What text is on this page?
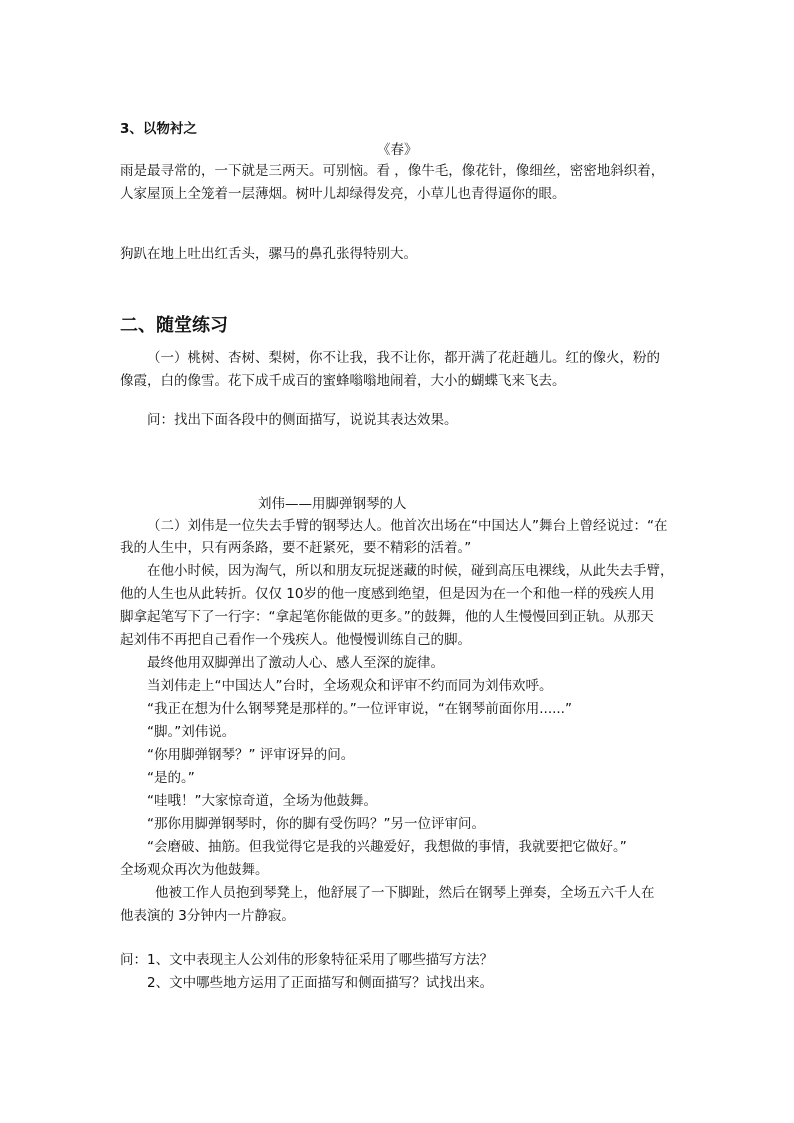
3、以物衬之
《春》
雨是最寻常的，一下就是三两天。可别恼。看 ，像牛毛，像花针，像细丝，密密地斜织着，
人家屋顶上全笼着一层薄烟。树叶儿却绿得发亮，小草儿也青得逼你的眼。
狗趴在地上吐出红舌头，骡马的鼻孔张得特别大。
二、随堂练习
（一）桃树、杏树、梨树，你不让我，我不让你，都开满了花赶趟儿。红的像火，粉的
像霞，白的像雪。花下成千成百的蜜蜂嗡嗡地闹着，大小的蝴蝶飞来飞去。
问：找出下面各段中的侧面描写，说说其表达效果。
刘伟——用脚弹钢琴的人
（二）刘伟是一位失去手臂的钢琴达人。他首次出场在“中国达人”舞台上曾经说过：“在
我的人生中，只有两条路，要不赶紧死，要不精彩的活着。”
在他小时候，因为淘气，所以和朋友玩捉迷藏的时候，碰到高压电裸线，从此失去手臂，
他的人生也从此转折。仅仅 10岁的他一度感到绝望，但是因为在一个和他一样的残疾人用
脚拿起笔写下了一行字：“拿起笔你能做的更多。”的鼓舞，他的人生慢慢回到正轨。从那天
起刘伟不再把自己看作一个残疾人。他慢慢训练自己的脚。
最终他用双脚弹出了激动人心、感人至深的旋律。
当刘伟走上“中国达人”台时，全场观众和评审不约而同为刘伟欢呼。
“我正在想为什么钢琴凳是那样的。”一位评审说，“在钢琴前面你用......”
“脚。”刘伟说。
“你用脚弹钢琴？” 评审讶异的问。
“是的。”
“哇哦！”大家惊奇道，全场为他鼓舞。
“那你用脚弹钢琴时，你的脚有受伤吗？”另一位评审问。
“会磨破、抽筋。但我觉得它是我的兴趣爱好，我想做的事情，我就要把它做好。”
全场观众再次为他鼓舞。
他被工作人员抱到琴凳上，他舒展了一下脚趾，然后在钢琴上弹奏，全场五六千人在
他表演的 3分钟内一片静寂。
问：1、文中表现主人公刘伟的形象特征采用了哪些描写方法？
2、文中哪些地方运用了正面描写和侧面描写？试找出来。
